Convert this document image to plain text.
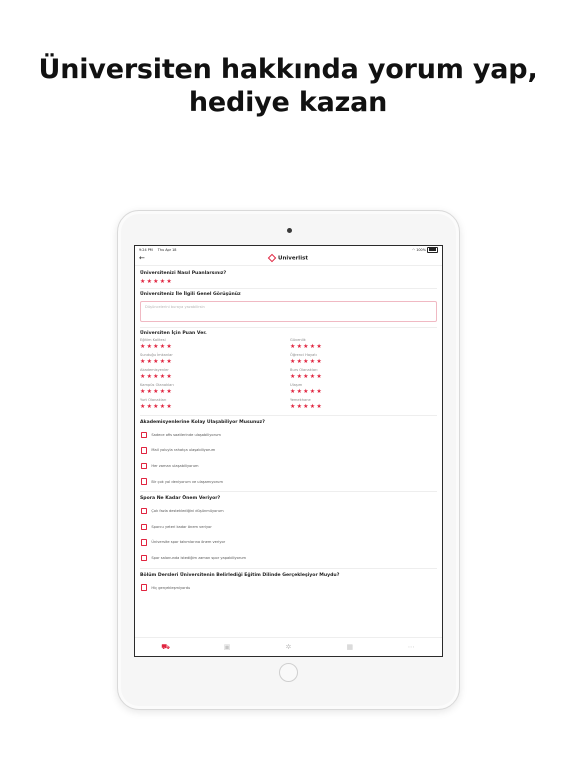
Üniversiten hakkında yorum yap,
hediye kazan
9:24 PM Thu Apr 18	◠ 100%
←	Univerlist
Üniversitenizi Nasıl Puanlarsınız?
★★★★★
Üniversiteniz İle İlgili Genel Görüşünüz
Düşüncelerini buraya yazabilirsin
Üniversiten İçin Puan Ver.
Eğitim Kalitesi
★★★★★
Güvenlik
★★★★★
Sunduğu İmkanlar
★★★★★
Öğrenci Hayatı
★★★★★
Akademisyenler
★★★★★
Burs Olanakları
★★★★★
Kampüs Olanakları
★★★★★
Ulaşım
★★★★★
Yurt Olanakları
★★★★★
Yemekhane
★★★★★
Akademisyenlerine Kolay Ulaşabiliyor Musunuz?
Sadece ofis saatlerinde ulaşabiliyorum
Mail yoluyla rahatça ulaşabiliyorum
Her zaman ulaşabiliyorum
Bir çok yol deniyorum ve ulaşamıyorum
Spora Ne Kadar Önem Veriyor?
Çok fazla desteklediğini düşünmüyorum
Sporcu yeteri kadar önem veriyor
Üniversite spor takımlarına önem veriyor
Spor salonunda istediğim zaman spor yapabiliyorum
Bölüm Dersleri Üniversitenin Belirlediği Eğitim Dilinde Gerçekleşiyor Muydu?
Hiç gerçekleşmiyordu
⛟	▣	✲	▦	⋯
